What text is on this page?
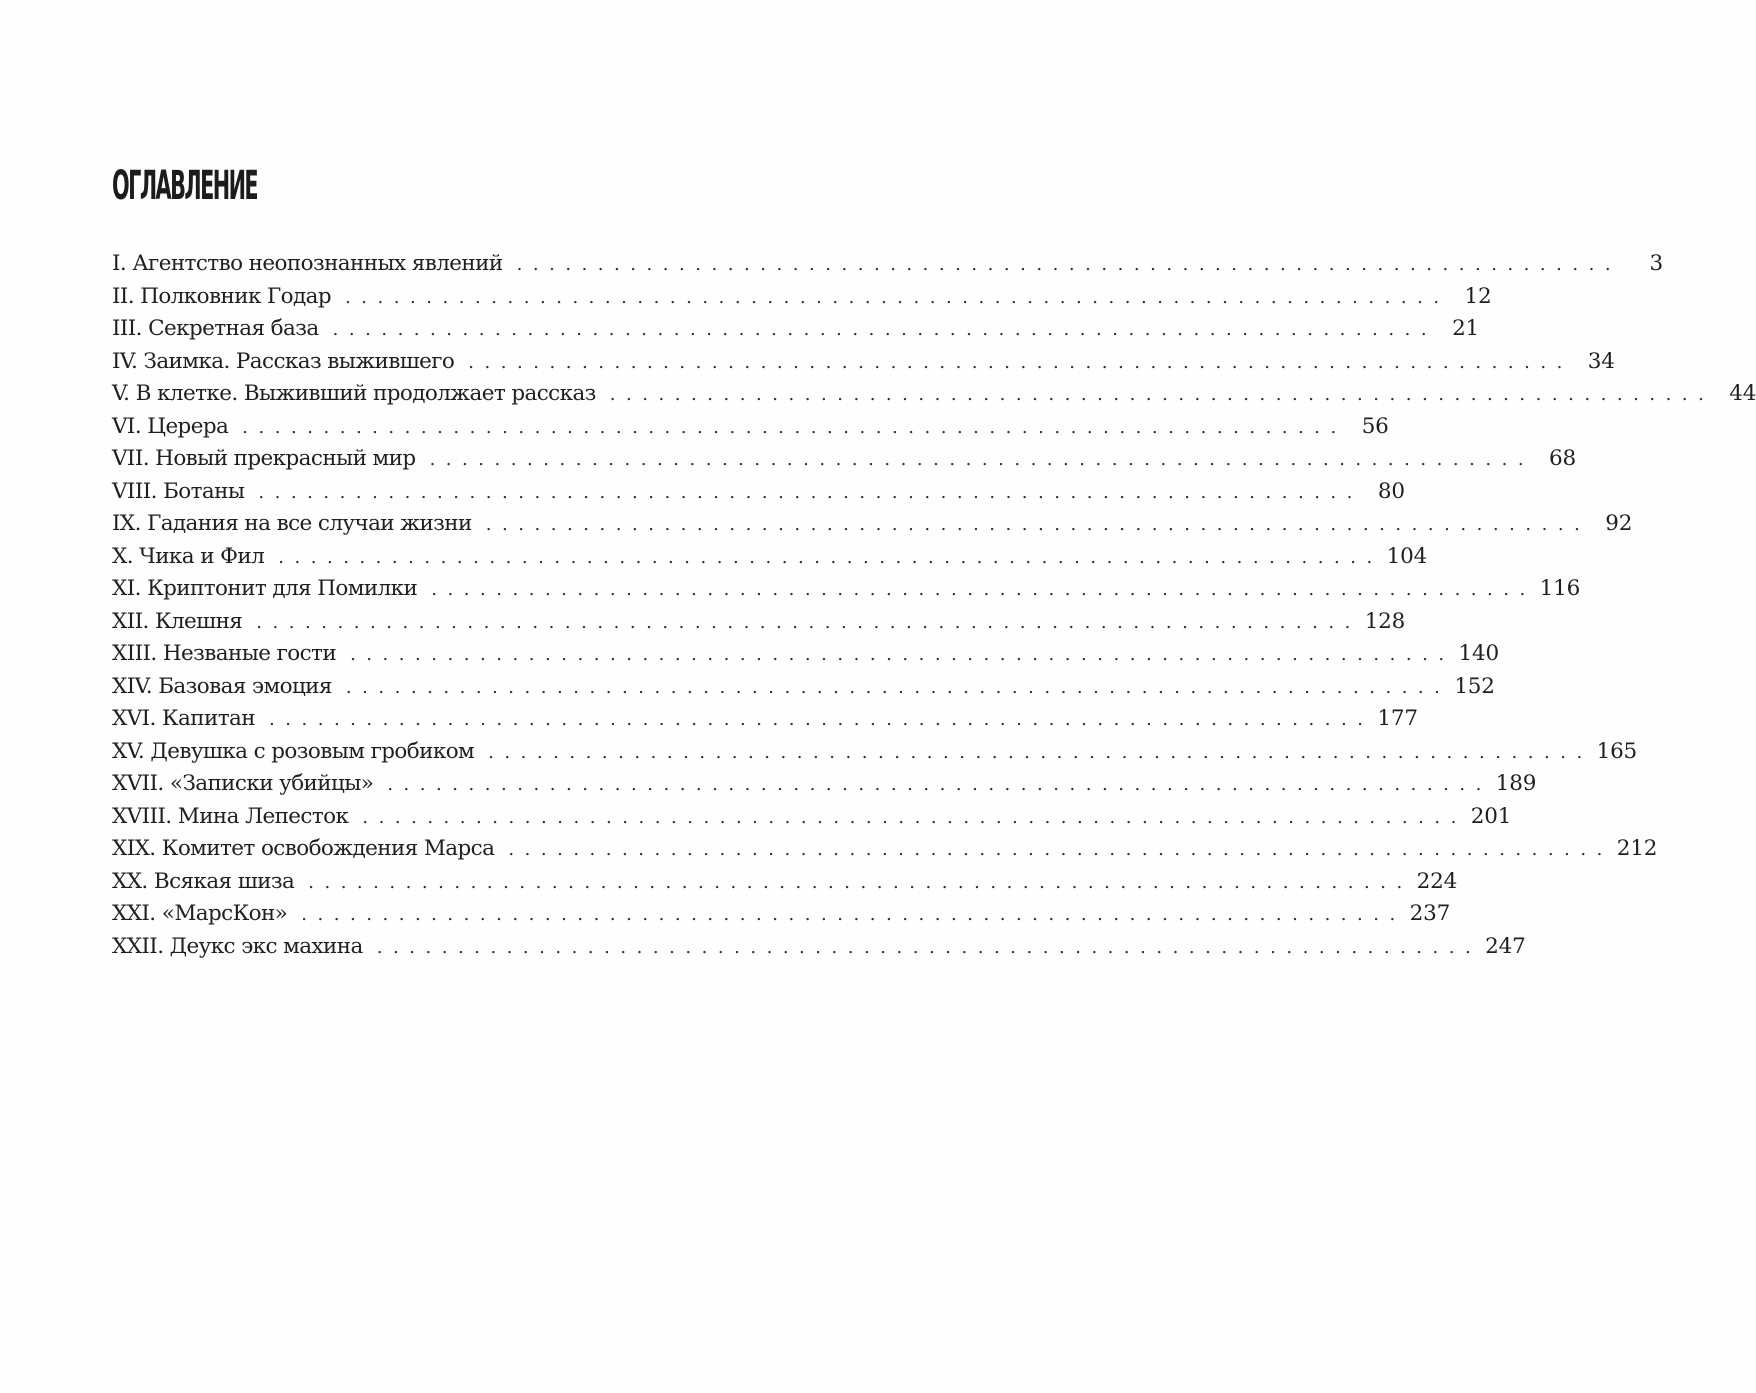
ОГЛАВЛЕНИЕ
I. Агентство неопознанных явлений . . . . . . . . . . . . . . . . . . . . . . . . . . . . . . . . . . . . . . . . . . . . . . . . . . . . . . . . . . . . . . . . . . . .	3
II. Полковник Годар . . . . . . . . . . . . . . . . . . . . . . . . . . . . . . . . . . . . . . . . . . . . . . . . . . . . . . . . . . . . . . . . . . . .	12
III. Секретная база . . . . . . . . . . . . . . . . . . . . . . . . . . . . . . . . . . . . . . . . . . . . . . . . . . . . . . . . . . . . . . . . . . . .	21
IV. Заимка. Рассказ выжившего . . . . . . . . . . . . . . . . . . . . . . . . . . . . . . . . . . . . . . . . . . . . . . . . . . . . . . . . . . . . . . . . . . . .	34
V. В клетке. Выживший продолжает рассказ . . . . . . . . . . . . . . . . . . . . . . . . . . . . . . . . . . . . . . . . . . . . . . . . . . . . . . . . . . . . . . . . . . . .	44
VI. Церера . . . . . . . . . . . . . . . . . . . . . . . . . . . . . . . . . . . . . . . . . . . . . . . . . . . . . . . . . . . . . . . . . . . .	56
VII. Новый прекрасный мир . . . . . . . . . . . . . . . . . . . . . . . . . . . . . . . . . . . . . . . . . . . . . . . . . . . . . . . . . . . . . . . . . . . .	68
VIII. Ботаны . . . . . . . . . . . . . . . . . . . . . . . . . . . . . . . . . . . . . . . . . . . . . . . . . . . . . . . . . . . . . . . . . . . .	80
IX. Гадания на все случаи жизни . . . . . . . . . . . . . . . . . . . . . . . . . . . . . . . . . . . . . . . . . . . . . . . . . . . . . . . . . . . . . . . . . . . .	92
X. Чика и Фил . . . . . . . . . . . . . . . . . . . . . . . . . . . . . . . . . . . . . . . . . . . . . . . . . . . . . . . . . . . . . . . . . . . . 104
XI. Криптонит для Помилки . . . . . . . . . . . . . . . . . . . . . . . . . . . . . . . . . . . . . . . . . . . . . . . . . . . . . . . . . . . . . . . . . . . . 116
XII. Клешня . . . . . . . . . . . . . . . . . . . . . . . . . . . . . . . . . . . . . . . . . . . . . . . . . . . . . . . . . . . . . . . . . . . . 128
XIII. Незваные гости . . . . . . . . . . . . . . . . . . . . . . . . . . . . . . . . . . . . . . . . . . . . . . . . . . . . . . . . . . . . . . . . . . . . 140
XIV. Базовая эмоция . . . . . . . . . . . . . . . . . . . . . . . . . . . . . . . . . . . . . . . . . . . . . . . . . . . . . . . . . . . . . . . . . . . . 152
XVI. Капитан . . . . . . . . . . . . . . . . . . . . . . . . . . . . . . . . . . . . . . . . . . . . . . . . . . . . . . . . . . . . . . . . . . . . 177
XV. Девушка с розовым гробиком . . . . . . . . . . . . . . . . . . . . . . . . . . . . . . . . . . . . . . . . . . . . . . . . . . . . . . . . . . . . . . . . . . . . 165
XVII. «Записки убийцы» . . . . . . . . . . . . . . . . . . . . . . . . . . . . . . . . . . . . . . . . . . . . . . . . . . . . . . . . . . . . . . . . . . . . 189
XVIII. Мина Лепесток . . . . . . . . . . . . . . . . . . . . . . . . . . . . . . . . . . . . . . . . . . . . . . . . . . . . . . . . . . . . . . . . . . . . 201
XIX. Комитет освобождения Марса . . . . . . . . . . . . . . . . . . . . . . . . . . . . . . . . . . . . . . . . . . . . . . . . . . . . . . . . . . . . . . . . . . . . 212
XX. Всякая шиза . . . . . . . . . . . . . . . . . . . . . . . . . . . . . . . . . . . . . . . . . . . . . . . . . . . . . . . . . . . . . . . . . . . . 224
XXI. «МарсКон» . . . . . . . . . . . . . . . . . . . . . . . . . . . . . . . . . . . . . . . . . . . . . . . . . . . . . . . . . . . . . . . . . . . . 237
XXII. Деукс экс махина . . . . . . . . . . . . . . . . . . . . . . . . . . . . . . . . . . . . . . . . . . . . . . . . . . . . . . . . . . . . . . . . . . . . 247
